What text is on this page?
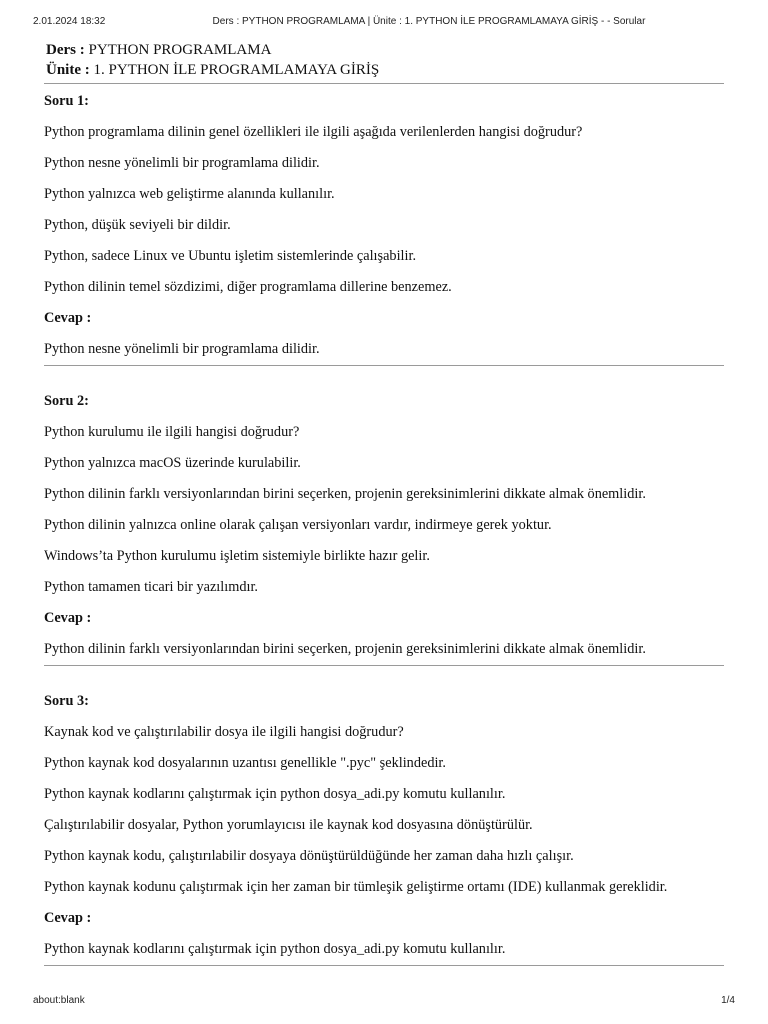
2.01.2024 18:32	Ders : PYTHON PROGRAMLAMA | Ünite : 1. PYTHON İLE PROGRAMLAMAYA GİRİŞ - - Sorular
Ders : PYTHON PROGRAMLAMA
Ünite : 1. PYTHON İLE PROGRAMLAMAYA GİRİŞ
Soru 1:
Python programlama dilinin genel özellikleri ile ilgili aşağıda verilenlerden hangisi doğrudur?
Python nesne yönelimli bir programlama dilidir.
Python yalnızca web geliştirme alanında kullanılır.
Python, düşük seviyeli bir dildir.
Python, sadece Linux ve Ubuntu işletim sistemlerinde çalışabilir.
Python dilinin temel sözdizimi, diğer programlama dillerine benzemez.
Cevap :
Python nesne yönelimli bir programlama dilidir.
Soru 2:
Python kurulumu ile ilgili hangisi doğrudur?
Python yalnızca macOS üzerinde kurulabilir.
Python dilinin farklı versiyonlarından birini seçerken, projenin gereksinimlerini dikkate almak önemlidir.
Python dilinin yalnızca online olarak çalışan versiyonları vardır, indirmeye gerek yoktur.
Windows’ta Python kurulumu işletim sistemiyle birlikte hazır gelir.
Python tamamen ticari bir yazılımdır.
Cevap :
Python dilinin farklı versiyonlarından birini seçerken, projenin gereksinimlerini dikkate almak önemlidir.
Soru 3:
Kaynak kod ve çalıştırılabilir dosya ile ilgili hangisi doğrudur?
Python kaynak kod dosyalarının uzantısı genellikle ".pyc" şeklindedir.
Python kaynak kodlarını çalıştırmak için python dosya_adi.py komutu kullanılır.
Çalıştırılabilir dosyalar, Python yorumlayıcısı ile kaynak kod dosyasına dönüştürülür.
Python kaynak kodu, çalıştırılabilir dosyaya dönüştürüldüğünde her zaman daha hızlı çalışır.
Python kaynak kodunu çalıştırmak için her zaman bir tümleşik geliştirme ortamı (IDE) kullanmak gereklidir.
Cevap :
Python kaynak kodlarını çalıştırmak için python dosya_adi.py komutu kullanılır.
about:blank	1/4
